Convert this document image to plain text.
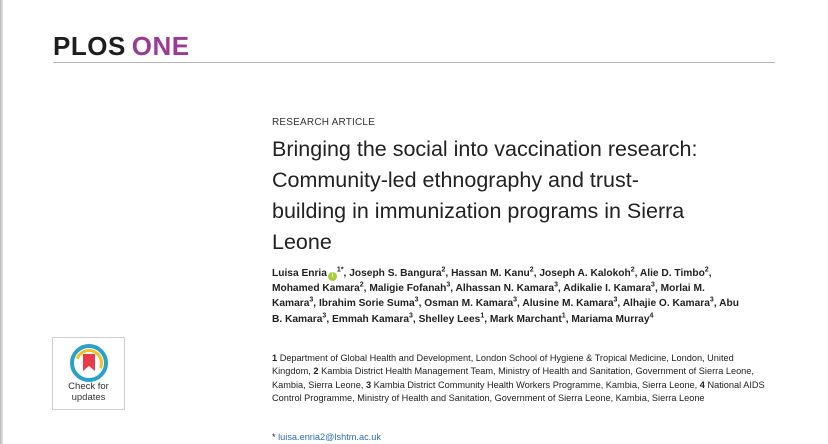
PLOS ONE
RESEARCH ARTICLE
Bringing the social into vaccination research:
Community-led ethnography and trust-
building in immunization programs in Sierra
Leone
Luisa Enria $i^{1*}$, Joseph S. Bangura$^2$, Hassan M. Kanu$^2$, Joseph A. Kalokoh$^2$, Alie D. Timbo$^2$, Mohamed Kamara$^2$, Maligie Fofanah$^3$, Alhassan N. Kamara$^3$, Adikalie I. Kamara$^3$, Morlai M. Kamara$^3$, Ibrahim Sorie Suma$^3$, Osman M. Kamara$^3$, Alusine M. Kamara$^3$, Alhajie O. Kamara$^3$, Abu B. Kamara$^3$, Emmah Kamara$^3$, Shelley Lees$^1$, Mark Marchant$^1$, Mariama Murray$^4$
1 Department of Global Health and Development, London School of Hygiene & Tropical Medicine, London, United Kingdom, 2 Kambia District Health Management Team, Ministry of Health and Sanitation, Government of Sierra Leone, Kambia, Sierra Leone, 3 Kambia District Community Health Workers Programme, Kambia, Sierra Leone, 4 National AIDS Control Programme, Ministry of Health and Sanitation, Government of Sierra Leone, Kambia, Sierra Leone
* luisa.enria2@lshtm.ac.uk
Check for
updates
